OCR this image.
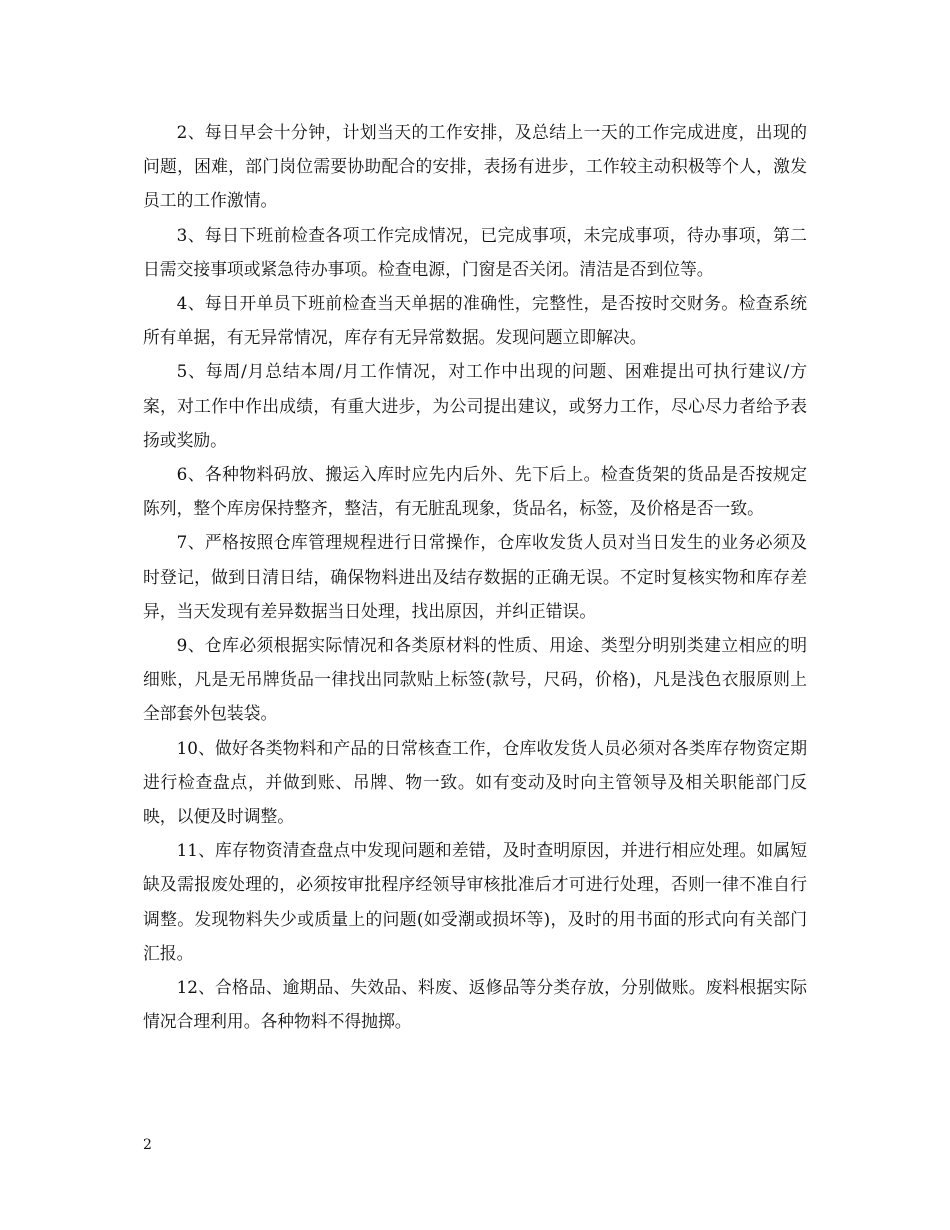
2、每日早会十分钟，计划当天的工作安排，及总结上一天的工作完成进度，出现的问题，困难，部门岗位需要协助配合的安排，表扬有进步，工作较主动积极等个人，激发员工的工作激情。

3、每日下班前检查各项工作完成情况，已完成事项，未完成事项，待办事项，第二日需交接事项或紧急待办事项。检查电源，门窗是否关闭。清洁是否到位等。

4、每日开单员下班前检查当天单据的准确性，完整性，是否按时交财务。检查系统所有单据，有无异常情况，库存有无异常数据。发现问题立即解决。

5、每周/月总结本周/月工作情况，对工作中出现的问题、困难提出可执行建议/方案，对工作中作出成绩，有重大进步，为公司提出建议，或努力工作，尽心尽力者给予表扬或奖励。

6、各种物料码放、搬运入库时应先内后外、先下后上。检查货架的货品是否按规定陈列，整个库房保持整齐，整洁，有无脏乱现象，货品名，标签，及价格是否一致。

7、严格按照仓库管理规程进行日常操作，仓库收发货人员对当日发生的业务必须及时登记，做到日清日结，确保物料进出及结存数据的正确无误。不定时复核实物和库存差异，当天发现有差异数据当日处理，找出原因，并纠正错误。

9、仓库必须根据实际情况和各类原材料的性质、用途、类型分明别类建立相应的明细账，凡是无吊牌货品一律找出同款贴上标签(款号，尺码，价格)，凡是浅色衣服原则上全部套外包装袋。

10、做好各类物料和产品的日常核查工作，仓库收发货人员必须对各类库存物资定期进行检查盘点，并做到账、吊牌、物一致。如有变动及时向主管领导及相关职能部门反映，以便及时调整。

11、库存物资清查盘点中发现问题和差错，及时查明原因，并进行相应处理。如属短缺及需报废处理的，必须按审批程序经领导审核批准后才可进行处理，否则一律不准自行调整。发现物料失少或质量上的问题(如受潮或损坏等)，及时的用书面的形式向有关部门汇报。

12、合格品、逾期品、失效品、料废、返修品等分类存放，分别做账。废料根据实际情况合理利用。各种物料不得抛掷。

2
